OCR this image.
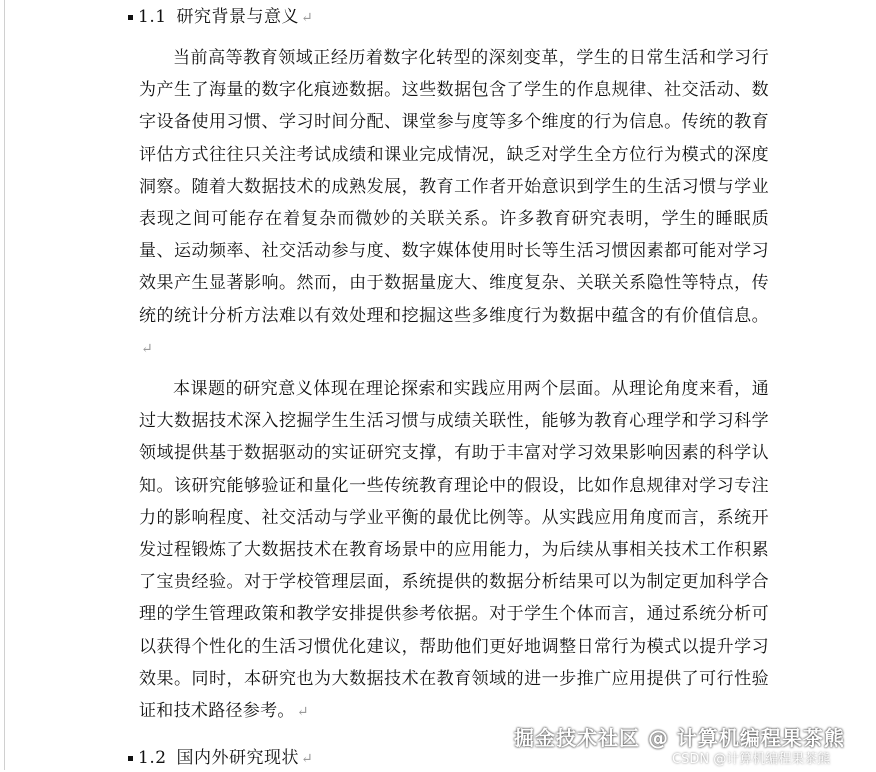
1.1 研究背景与意义 ↵
当前高等教育领域正经历着数字化转型的深刻变革，学生的日常生活和学习行为产生了海量的数字化痕迹数据。这些数据包含了学生的作息规律、社交活动、数字设备使用习惯、学习时间分配、课堂参与度等多个维度的行为信息。传统的教育评估方式往往只关注考试成绩和课业完成情况，缺乏对学生全方位行为模式的深度洞察。随着大数据技术的成熟发展，教育工作者开始意识到学生的生活习惯与学业表现之间可能存在着复杂而微妙的关联关系。许多教育研究表明，学生的睡眠质量、运动频率、社交活动参与度、数字媒体使用时长等生活习惯因素都可能对学习效果产生显著影响。然而，由于数据量庞大、维度复杂、关联关系隐性等特点，传统的统计分析方法难以有效处理和挖掘这些多维度行为数据中蕴含的有价值信息。↵
本课题的研究意义体现在理论探索和实践应用两个层面。从理论角度来看，通过大数据技术深入挖掘学生生活习惯与成绩关联性，能够为教育心理学和学习科学领域提供基于数据驱动的实证研究支撑，有助于丰富对学习效果影响因素的科学认知。该研究能够验证和量化一些传统教育理论中的假设，比如作息规律对学习专注力的影响程度、社交活动与学业平衡的最优比例等。从实践应用角度而言，系统开发过程锻炼了大数据技术在教育场景中的应用能力，为后续从事相关技术工作积累了宝贵经验。对于学校管理层面，系统提供的数据分析结果可以为制定更加科学合理的学生管理政策和教学安排提供参考依据。对于学生个体而言，通过系统分析可以获得个性化的生活习惯优化建议，帮助他们更好地调整日常行为模式以提升学习效果。同时，本研究也为大数据技术在教育领域的进一步推广应用提供了可行性验证和技术路径参考。 ↵
1.2 国内外研究现状 ↵
掘金技术社区 @ 计算机编程果茶熊
CSDN @计算机编程果茶熊
